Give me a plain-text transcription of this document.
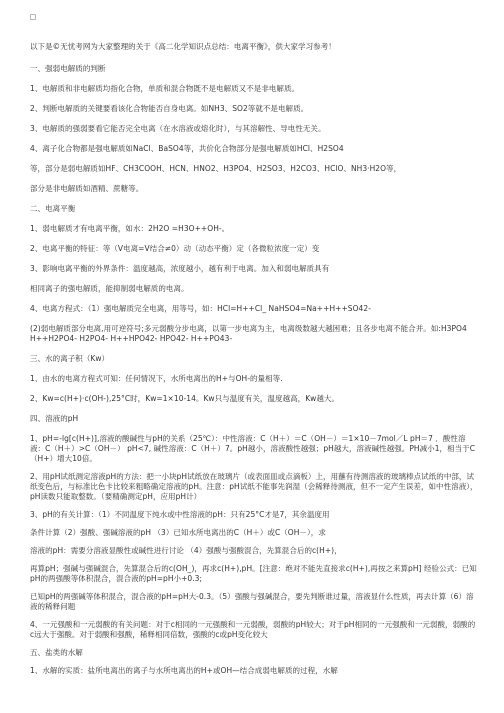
以下是©无忧考网为大家整理的关于《高二化学知识点总结：电离平衡》，供大家学习参考！
一、强弱电解质的判断
1、电解质和非电解质均指化合物，单质和混合物既不是电解质又不是非电解质。
2、判断电解质的关键要看该化合物能否自身电离。如NH3、SO2等就不是电解质。
3、电解质的强弱要看它能否完全电离（在水溶液或熔化时），与其溶解性、导电性无关。
4、离子化合物都是强电解质如NaCl、BaSO4等，共价化合物部分是强电解质如HCl、H2SO4
等，部分是弱电解质如HF、CH3COOH、HCN、HNO2、H3PO4、H2SO3、H2CO3、HClO、NH3·H2O等，
部分是非电解质如酒精、蔗糖等。
二、电离平衡
1、弱电解质才有电离平衡，如水：2H2O =H3O++OH-。
2、电离平衡的特征：等（V电离=V结合≠0）动（动态平衡）定（各微粒浓度一定）变
3、影响电离平衡的外界条件：温度越高，浓度越小，越有利于电离。加入和弱电解质具有
相同离子的强电解质，能抑制弱电解质的电离。
4、电离方程式：（1）强电解质完全电离，用等号，如：HCl=H++Cl_ NaHSO4=Na++H++SO42-
(2)弱电解质部分电离,用可逆符号;多元弱酸分步电离，以第一步电离为主，电离级数越大越困难；且各步电离不能合并。如:H3PO4 H++H2PO4- H2PO4- H++HPO42- HPO42- H++PO43-
三、水的离子积（Kw）
1、由水的电离方程式可知：任何情况下，水所电离出的H+与OH-的量相等.
2、Kw=c(H+)·c(OH-),25°C时，Kw=1×10-14。Kw只与温度有关，温度越高，Kw越大。
四、溶液的pH
1、pH=-lg[c(H+)],溶液的酸碱性与pH的关系（25℃）：中性溶液：C（H＋）＝C（OH－）＝1×10－7mol／L pH＝7 ．酸性溶液：C（H＋）>C（OH－） pH<7, 碱性溶液：C（H＋）7。pH越小，溶液酸性越强；pH越大，溶液碱性越强。PH减小1，相当于C（H+）增大10倍。
2、用pH试纸测定溶液pH的方法：把一小块pH试纸放在玻璃片（或表面皿或点滴板）上，用蘸有待测溶液的玻璃棒点试纸的中部，试纸变色后，与标准比色卡比较来粗略确定溶液的pH。注意：pH试纸不能事先润湿（会稀释待测液，但不一定产生误差，如中性溶液），pH读数只能取整数。（要精确测定pH，应用pH计）
3、pH的有关计算：（1）不同温度下纯水或中性溶液的pH：只有25°C才是7，其余温度用
条件计算（2）强酸、强碱溶液的pH （3）已知水所电离出的C（H＋）或C（OH－），求
溶液的pH：需要分溶液显酸性或碱性进行讨论 （4）强酸与强酸混合，先算混合后的c(H+)，
再算pH；强碱与强碱混合，先算混合后的c(OH_)，再求c(H+),pH。[注意：绝对不能先直接求c(H+),再按之来算pH] 经验公式：已知pH的两强酸等体积混合，混合液的pH=pH小+0.3;
已知pH的两强碱等体积混合，混合液的pH=pH大-0.3。（5）强酸与强碱混合，要先判断谁过量，溶液显什么性质，再去计算（6）溶液的稀释问题
4、一元强酸和一元弱酸的有关问题：对于c相同的一元强酸和一元弱酸，弱酸的pH较大；对于pH相同的一元强酸和一元弱酸，弱酸的c远大于强酸。对于弱酸和强酸，稀释相同倍数，强酸的c或pH变化较大
五、盐类的水解
1、水解的实质：盐所电离出的离子与水所电离出的H+或OH—结合成弱电解质的过程，水解
